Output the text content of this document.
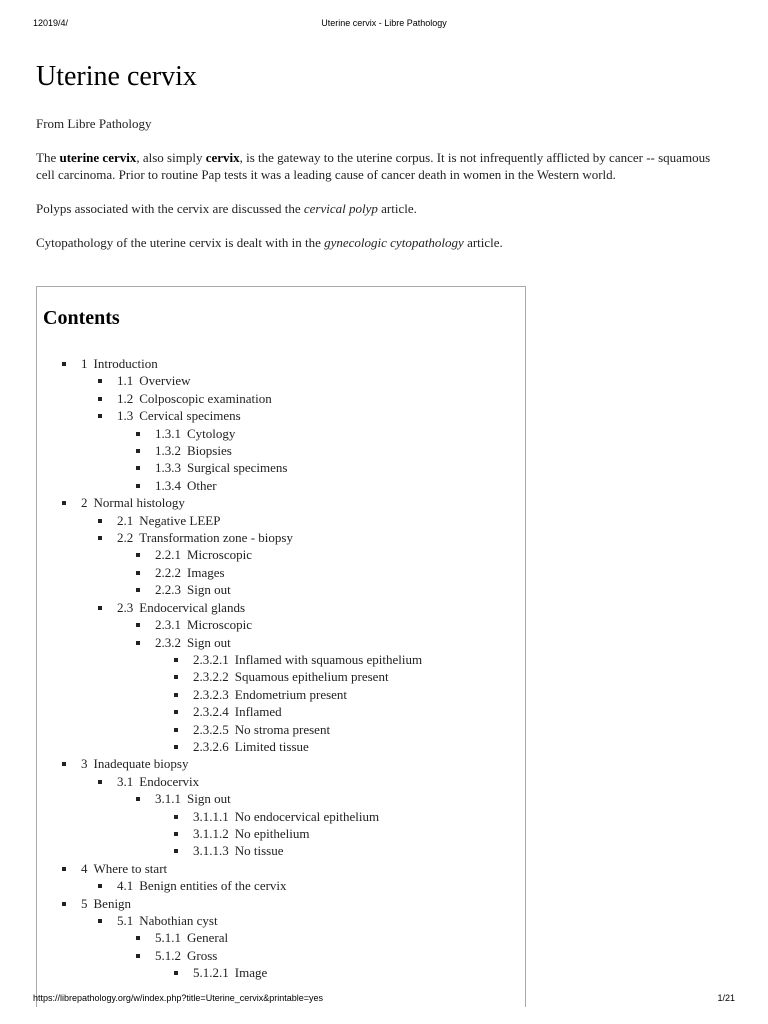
12019/4/	Uterine cervix - Libre Pathology
Uterine cervix
From Libre Pathology

The uterine cervix, also simply cervix, is the gateway to the uterine corpus. It is not infrequently afflicted by cancer -- squamous cell carcinoma. Prior to routine Pap tests it was a leading cause of cancer death in women in the Western world.

Polyps associated with the cervix are discussed the cervical polyp article.

Cytopathology of the uterine cervix is dealt with in the gynecologic cytopathology article.

Contents
1 Introduction
1.1 Overview
1.2 Colposcopic examination
1.3 Cervical specimens
1.3.1 Cytology
1.3.2 Biopsies
1.3.3 Surgical specimens
1.3.4 Other
2 Normal histology
2.1 Negative LEEP
2.2 Transformation zone - biopsy
2.2.1 Microscopic
2.2.2 Images
2.2.3 Sign out
2.3 Endocervical glands
2.3.1 Microscopic
2.3.2 Sign out
2.3.2.1 Inflamed with squamous epithelium
2.3.2.2 Squamous epithelium present
2.3.2.3 Endometrium present
2.3.2.4 Inflamed
2.3.2.5 No stroma present
2.3.2.6 Limited tissue
3 Inadequate biopsy
3.1 Endocervix
3.1.1 Sign out
3.1.1.1 No endocervical epithelium
3.1.1.2 No epithelium
3.1.1.3 No tissue
4 Where to start
4.1 Benign entities of the cervix
5 Benign
5.1 Nabothian cyst
5.1.1 General
5.1.2 Gross
5.1.2.1 Image
https://librepathology.org/w/index.php?title=Uterine_cervix&printable=yes	1/21
